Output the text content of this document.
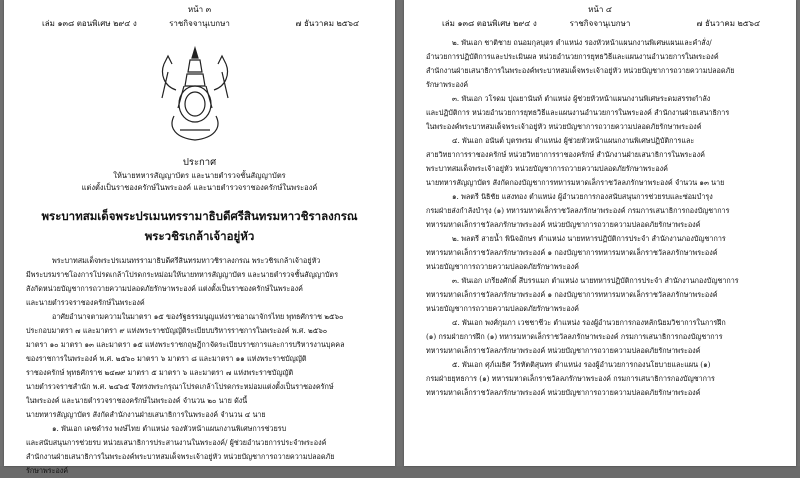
หน้า ๓
เล่ม ๑๓๘ ตอนพิเศษ ๒๙๔ ง	ราชกิจจานุเบกษา	๗ ธันวาคม ๒๕๖๔
ประกาศ
ให้นายทหารสัญญาบัตร และนายตำรวจชั้นสัญญาบัตร
แต่งตั้งเป็นราชองครักษ์ในพระองค์ และนายตำรวจราชองครักษ์ในพระองค์
พระบาทสมเด็จพระปรเมนทรรามาธิบดีศรีสินทรมหาวชิราลงกรณ
พระวชิรเกล้าเจ้าอยู่หัว
พระบาทสมเด็จพระปรเมนทรรามาธิบดีศรีสินทรมหาวชิราลงกรณ พระวชิรเกล้าเจ้าอยู่หัว
มีพระบรมราชโองการโปรดเกล้าโปรดกระหม่อมให้นายทหารสัญญาบัตร และนายตำรวจชั้นสัญญาบัตร
สังกัดหน่วยบัญชาการถวายความปลอดภัยรักษาพระองค์ แต่งตั้งเป็นราชองครักษ์ในพระองค์
และนายตำรวจราชองครักษ์ในพระองค์
อาศัยอำนาจตามความในมาตรา ๑๕ ของรัฐธรรมนูญแห่งราชอาณาจักรไทย พุทธศักราช ๒๕๖๐
ประกอบมาตรา ๗ และมาตรา ๙ แห่งพระราชบัญญัติระเบียบบริหารราชการในพระองค์ พ.ศ. ๒๕๖๐
มาตรา ๑๐ มาตรา ๑๓ และมาตรา ๑๕ แห่งพระราชกฤษฎีกาจัดระเบียบราชการและการบริหารงานบุคคล
ของราชการในพระองค์ พ.ศ. ๒๕๖๐ มาตรา ๖ มาตรา ๘ และมาตรา ๑๑ แห่งพระราชบัญญัติ
ราชองครักษ์ พุทธศักราช ๒๔๗๙ มาตรา ๕ มาตรา ๖ และมาตรา ๗ แห่งพระราชบัญญัติ
นายตำรวจราชสำนัก พ.ศ. ๒๔๖๕ จึงทรงพระกรุณาโปรดเกล้าโปรดกระหม่อมแต่งตั้งเป็นราชองครักษ์
ในพระองค์ และนายตำรวจราชองครักษ์ในพระองค์ จำนวน ๒๐ นาย ดังนี้
นายทหารสัญญาบัตร สังกัดสำนักงานฝ่ายเสนาธิการในพระองค์ จำนวน ๔ นาย
๑. พันเอก เดชดำรง พงษ์ไทย ตำแหน่ง รองหัวหน้าแผนกงานพิเศษการช่วยรบ
และสนับสนุนการช่วยรบ หน่วยเสนาธิการประสานงานในพระองค์/ ผู้ช่วยอำนวยการประจำพระองค์
สำนักงานฝ่ายเสนาธิการในพระองค์พระบาทสมเด็จพระเจ้าอยู่หัว หน่วยบัญชาการถวายความปลอดภัย
รักษาพระองค์
หน้า ๔
เล่ม ๑๓๘ ตอนพิเศษ ๒๙๔ ง	ราชกิจจานุเบกษา	๗ ธันวาคม ๒๕๖๔
๒. พันเอก ชาติชาย ถนอมกุลบุตร ตำแหน่ง รองหัวหน้าแผนกงานพิเศษแผนและคำสั่ง/
อำนวยการปฏิบัติการและประเมินผล หน่วยอำนวยการยุทธวิธีและแผนงานอำนวยการในพระองค์
สำนักงานฝ่ายเสนาธิการในพระองค์พระบาทสมเด็จพระเจ้าอยู่หัว หน่วยบัญชาการถวายความปลอดภัย
รักษาพระองค์
๓. พันเอก วโรดม ปุณยานันท์ ตำแหน่ง ผู้ช่วยหัวหน้าแผนกงานพิเศษระดมสรรพกำลัง
และปฏิบัติการ หน่วยอำนวยการยุทธวิธีและแผนงานอำนวยการในพระองค์ สำนักงานฝ่ายเสนาธิการ
ในพระองค์พระบาทสมเด็จพระเจ้าอยู่หัว หน่วยบัญชาการถวายความปลอดภัยรักษาพระองค์
๔. พันเอก อนันต์ บุตรพรม ตำแหน่ง ผู้ช่วยหัวหน้าแผนกงานพิเศษปฏิบัติการและ
สายวิทยาการราชองครักษ์ หน่วยวิทยาการราชองครักษ์ สำนักงานฝ่ายเสนาธิการในพระองค์
พระบาทสมเด็จพระเจ้าอยู่หัว หน่วยบัญชาการถวายความปลอดภัยรักษาพระองค์
นายทหารสัญญาบัตร สังกัดกองบัญชาการทหารมหาดเล็กราชวัลลภรักษาพระองค์ จำนวน ๑๓ นาย
๑. พลตรี นิธิชัย แสงทอง ตำแหน่ง ผู้อำนวยการกองสนับสนุนการช่วยรบและซ่อมบำรุง
กรมฝ่ายส่งกำลังบำรุง (๑) ทหารมหาดเล็กราชวัลลภรักษาพระองค์ กรมการเสนาธิการกองบัญชาการ
ทหารมหาดเล็กราชวัลลภรักษาพระองค์ หน่วยบัญชาการถวายความปลอดภัยรักษาพระองค์
๒. พลตรี สายน้ำ พินิจอักษร ตำแหน่ง นายทหารปฏิบัติการประจำ สำนักงานกองบัญชาการ
ทหารมหาดเล็กราชวัลลภรักษาพระองค์ ๑ กองบัญชาการทหารมหาดเล็กราชวัลลภรักษาพระองค์
หน่วยบัญชาการถวายความปลอดภัยรักษาพระองค์
๓. พันเอก เกรียงศักดิ์ สีบรรแมก ตำแหน่ง นายทหารปฏิบัติการประจำ สำนักงานกองบัญชาการ
ทหารมหาดเล็กราชวัลลภรักษาพระองค์ ๑ กองบัญชาการทหารมหาดเล็กราชวัลลภรักษาพระองค์
หน่วยบัญชาการถวายความปลอดภัยรักษาพระองค์
๔. พันเอก พงศ์กุมภา เวชชาชีวะ ตำแหน่ง รองผู้อำนวยการกองหลักนิยมวิชาการในการฝึก
(๑) กรมฝ่ายการฝึก (๑) ทหารมหาดเล็กราชวัลลภรักษาพระองค์ กรมการเสนาธิการกองบัญชาการ
ทหารมหาดเล็กราชวัลลภรักษาพระองค์ หน่วยบัญชาการถวายความปลอดภัยรักษาพระองค์
๕. พันเอก ศุภ์เมธิศ วีรทัตติสุนทร ตำแหน่ง รองผู้อำนวยการกองนโยบายและแผน (๑)
กรมฝ่ายยุทธการ (๑) ทหารมหาดเล็กราชวัลลภรักษาพระองค์ กรมการเสนาธิการกองบัญชาการ
ทหารมหาดเล็กราชวัลลภรักษาพระองค์ หน่วยบัญชาการถวายความปลอดภัยรักษาพระองค์
